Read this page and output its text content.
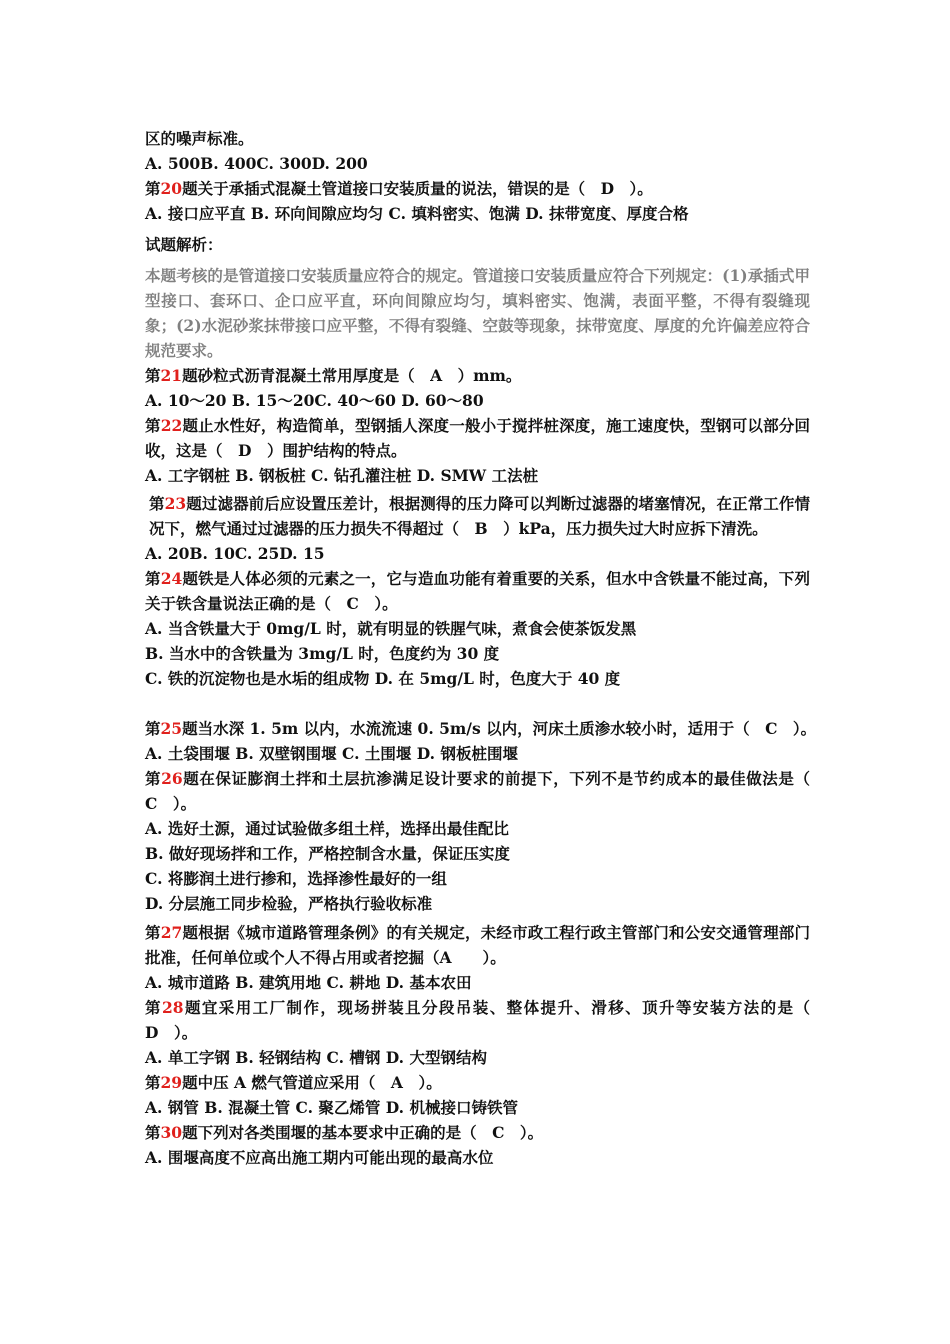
区的噪声标准。
A. 500B. 400C. 300D. 200
第20题关于承插式混凝土管道接口安装质量的说法，错误的是（　D　）。
A. 接口应平直 B. 环向间隙应均匀 C. 填料密实、饱满 D. 抹带宽度、厚度合格
试题解析：
本题考核的是管道接口安装质量应符合的规定。管道接口安装质量应符合下列规定：(1)承插式甲型接口、套环口、企口应平直，环向间隙应均匀，填料密实、饱满，表面平整，不得有裂缝现象；(2)水泥砂浆抹带接口应平整，不得有裂缝、空鼓等现象，抹带宽度、厚度的允许偏差应符合规范要求。
第21题砂粒式沥青混凝土常用厚度是（　A　）mm。
A. 10～20 B. 15～20C. 40～60 D. 60～80
第22题止水性好，构造简单，型钢插人深度一般小于搅拌桩深度，施工速度快，型钢可以部分回收，这是（　D　）围护结构的特点。
A. 工字钢桩 B. 钢板桩 C. 钻孔灌注桩 D. SMW 工法桩
第23题过滤器前后应设置压差计，根据测得的压力降可以判断过滤器的堵塞情况，在正常工作情况下，燃气通过过滤器的压力损失不得超过（　B　）kPa，压力损失过大时应拆下清洗。
A. 20B. 10C. 25D. 15
第24题铁是人体必须的元素之一，它与造血功能有着重要的关系，但水中含铁量不能过高，下列关于铁含量说法正确的是（　C　）。
A. 当含铁量大于 0mg/L 时，就有明显的铁腥气味，煮食会使茶饭发黑
B. 当水中的含铁量为 3mg/L 时，色度约为 30 度
C. 铁的沉淀物也是水垢的组成物 D. 在 5mg/L 时，色度大于 40 度
第25题当水深 1. 5m 以内，水流流速 0. 5m/s 以内，河床土质渗水较小时，适用于（　C　）。
A. 土袋围堰 B. 双壁钢围堰 C. 土围堰 D. 钢板桩围堰
第26题在保证膨润土拌和土层抗渗满足设计要求的前提下，下列不是节约成本的最佳做法是（　C　）。
A. 选好土源，通过试验做多组土样，选择出最佳配比
B. 做好现场拌和工作，严格控制含水量，保证压实度
C. 将膨润土进行掺和，选择渗性最好的一组
D. 分层施工同步检验，严格执行验收标准
第27题根据《城市道路管理条例》的有关规定，未经市政工程行政主管部门和公安交通管理部门批准，任何单位或个人不得占用或者挖掘（A　　）。
A. 城市道路 B. 建筑用地 C. 耕地 D. 基本农田
第28题宜采用工厂制作，现场拼装且分段吊装、整体提升、滑移、顶升等安装方法的是（　D　）。
A. 单工字钢 B. 轻钢结构 C. 槽钢 D. 大型钢结构
第29题中压 A 燃气管道应采用（　A　）。
A. 钢管 B. 混凝土管 C. 聚乙烯管 D. 机械接口铸铁管
第30题下列对各类围堰的基本要求中正确的是（　C　）。
A. 围堰高度不应高出施工期内可能出现的最高水位
